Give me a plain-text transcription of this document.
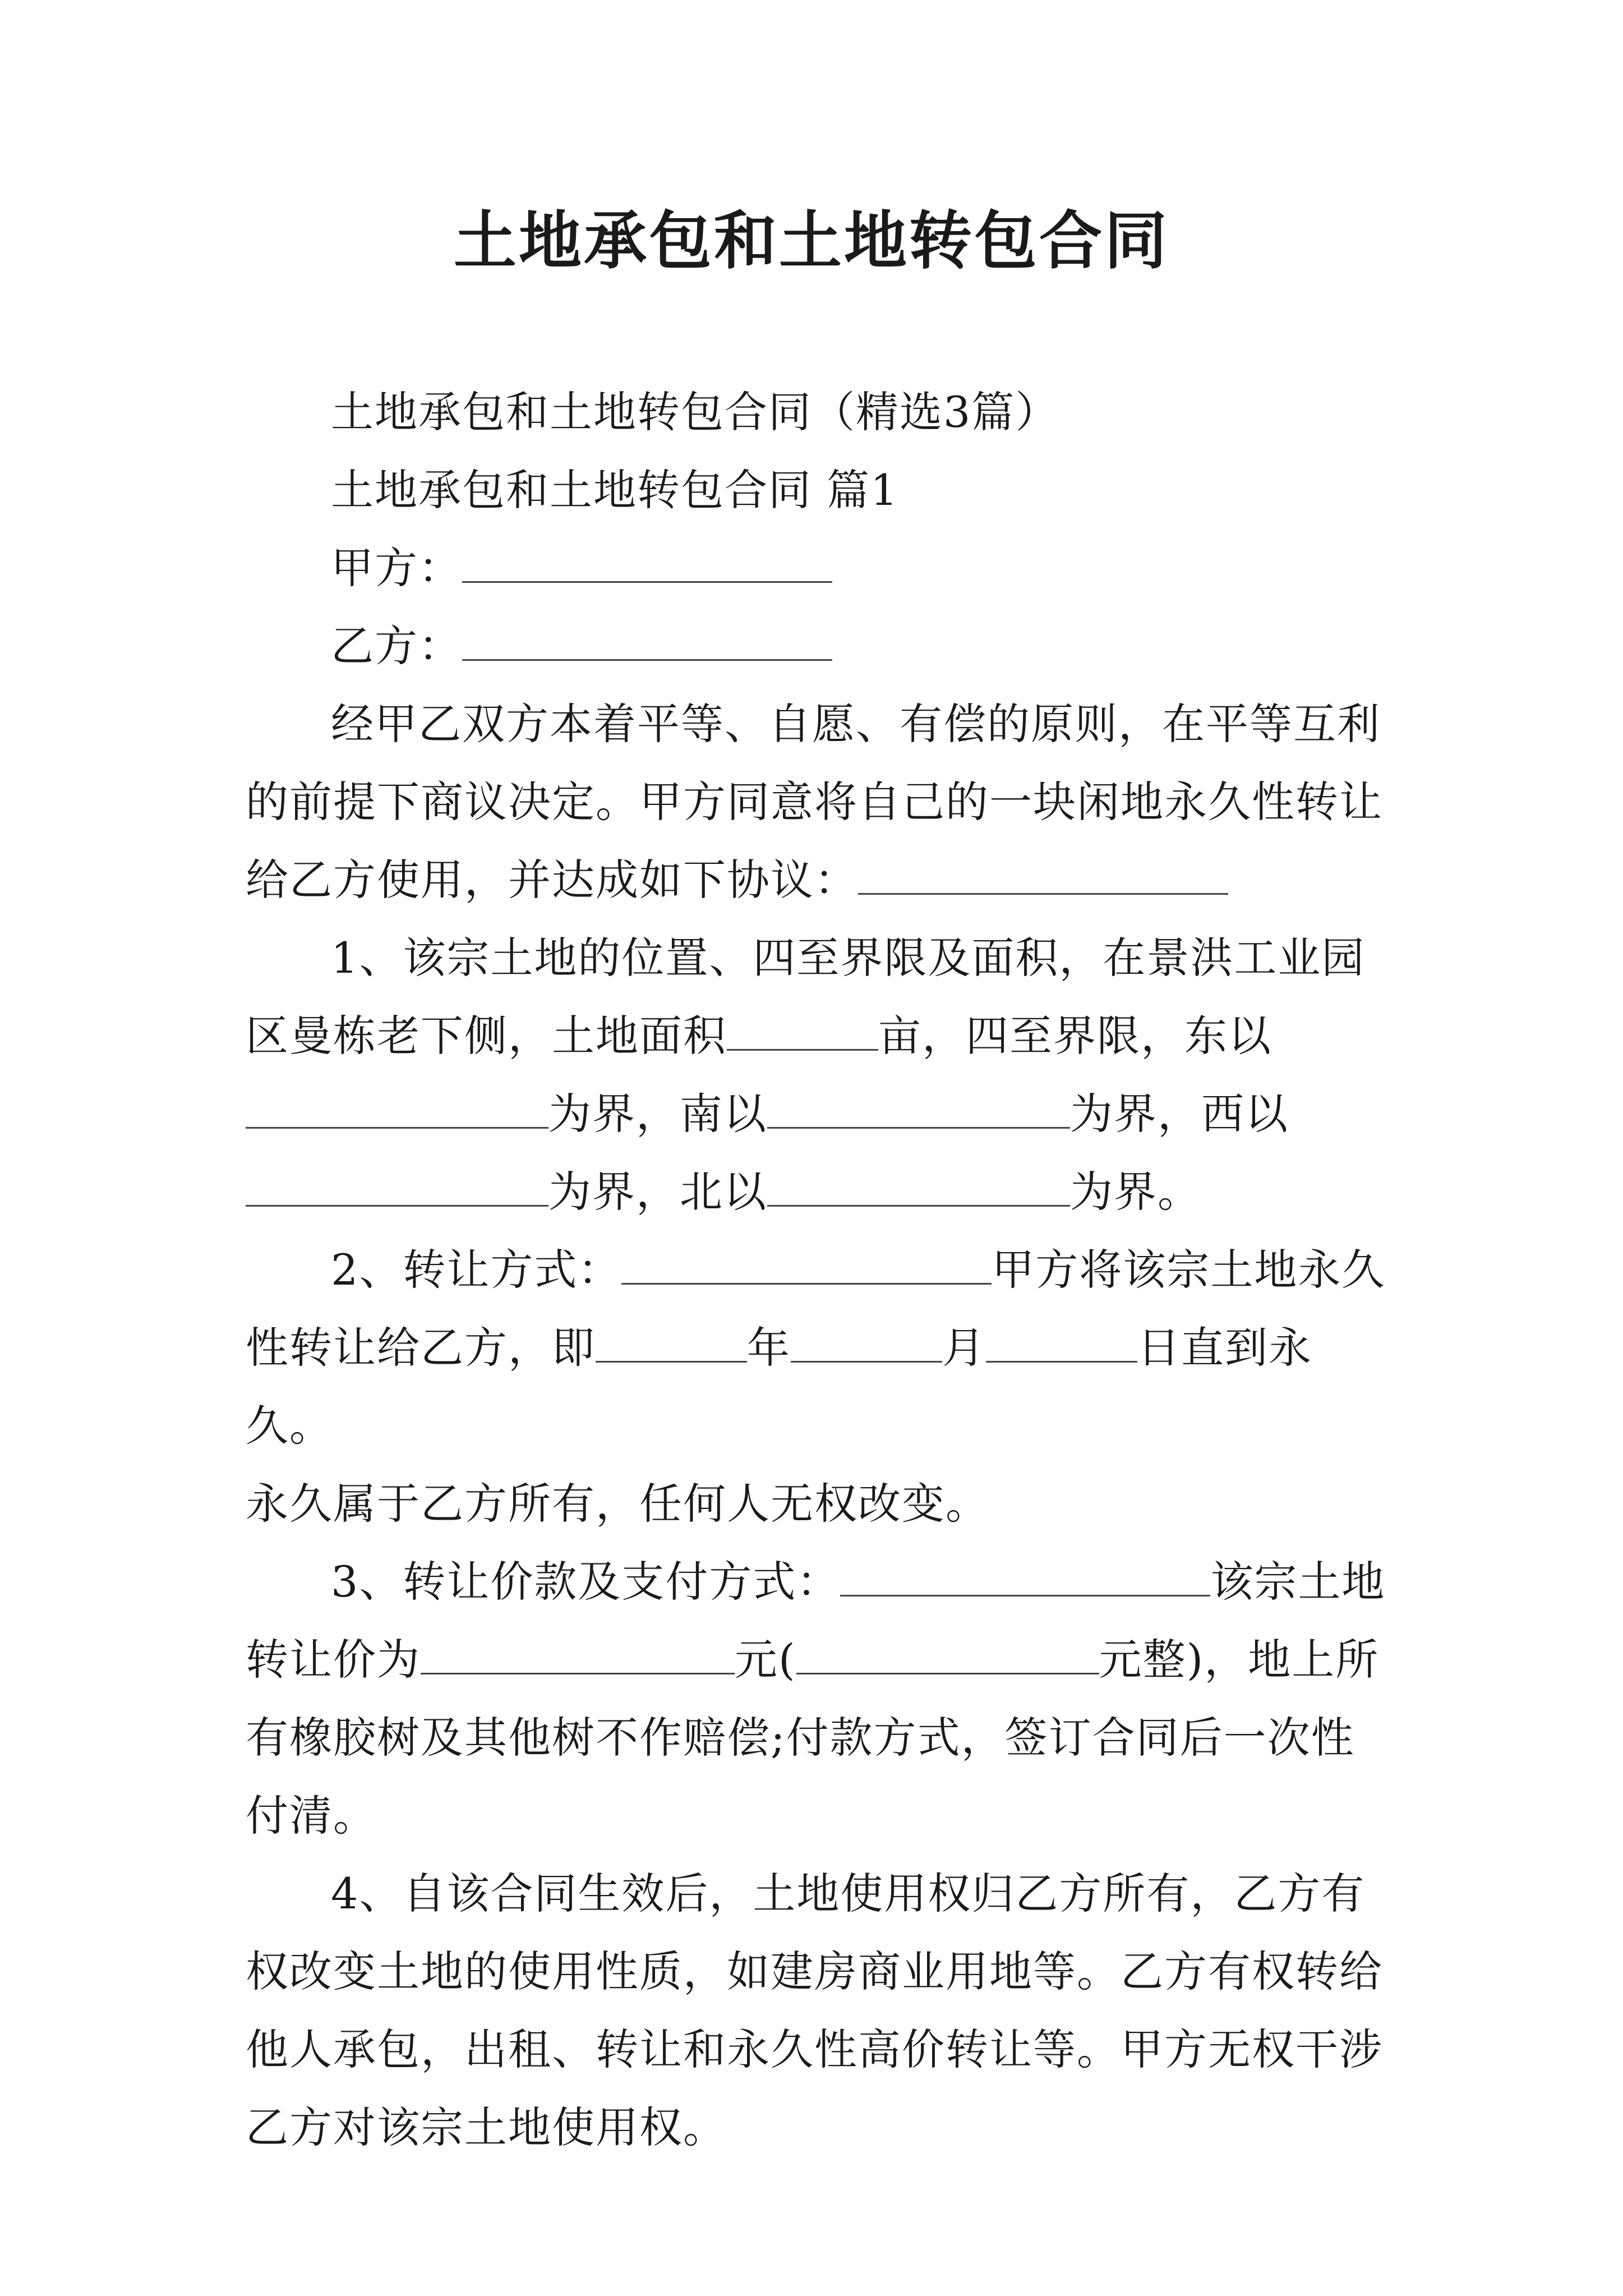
土地承包和土地转包合同

土地承包和土地转包合同（精选3篇）

土地承包和土地转包合同 篇1

甲方：

乙方：

经甲乙双方本着平等、自愿、有偿的原则，在平等互利
的前提下商议决定。甲方同意将自己的一块闲地永久性转让
给乙方使用，并达成如下协议：
1、该宗土地的位置、四至界限及面积，在景洪工业园
区曼栋老下侧，土地面积	亩，四至界限，东以
为界，南以	为界，西以
为界，北以	为界。
2、转让方式：	甲方将该宗土地永久
性转让给乙方，即	年	月	日直到永久。
永久属于乙方所有，任何人无权改变。
3、转让价款及支付方式：	该宗土地
转让价为	元(	元整)，地上所
有橡胶树及其他树不作赔偿;付款方式，签订合同后一次性
付清。
4、自该合同生效后，土地使用权归乙方所有，乙方有
权改变土地的使用性质，如建房商业用地等。乙方有权转给
他人承包，出租、转让和永久性高价转让等。甲方无权干涉
乙方对该宗土地使用权。
